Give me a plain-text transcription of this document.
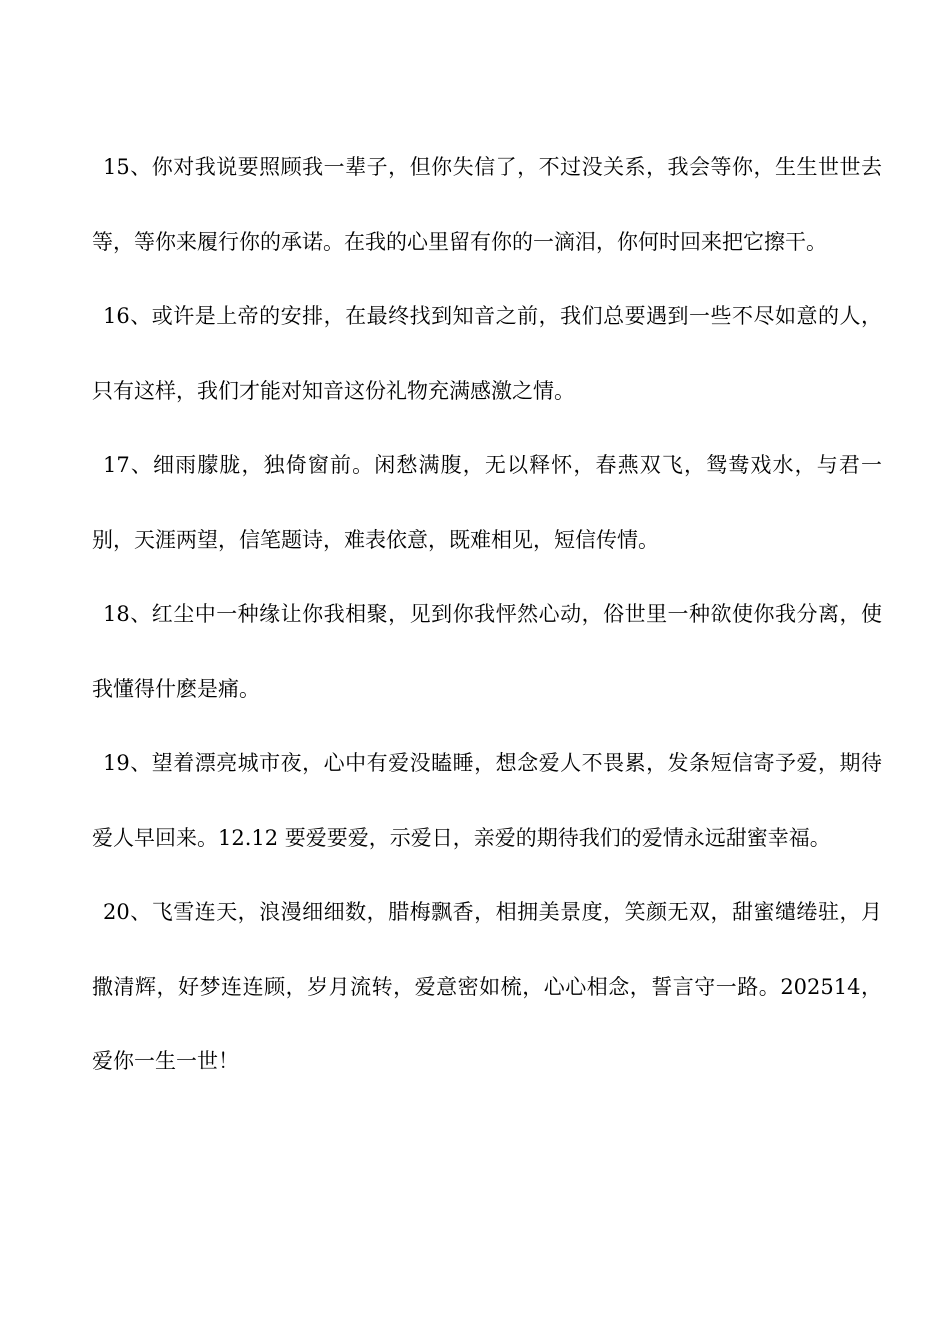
15、你对我说要照顾我一辈子，但你失信了，不过没关系，我会等你，生生世世去等，等你来履行你的承诺。在我的心里留有你的一滴泪，你何时回来把它擦干。

16、或许是上帝的安排，在最终找到知音之前，我们总要遇到一些不尽如意的人，只有这样，我们才能对知音这份礼物充满感激之情。

17、细雨朦胧，独倚窗前。闲愁满腹，无以释怀，春燕双飞，鸳鸯戏水，与君一别，天涯两望，信笔题诗，难表依意，既难相见，短信传情。

18、红尘中一种缘让你我相聚，见到你我怦然心动，俗世里一种欲使你我分离，使我懂得什麽是痛。

19、望着漂亮城市夜，心中有爱没瞌睡，想念爱人不畏累，发条短信寄予爱，期待爱人早回来。12.12 要爱要爱，示爱日，亲爱的期待我们的爱情永远甜蜜幸福。

20、飞雪连天，浪漫细细数，腊梅飘香，相拥美景度，笑颜无双，甜蜜缱绻驻，月撒清辉，好梦连连顾，岁月流转，爱意密如梳，心心相念，誓言守一路。202514，爱你一生一世！
